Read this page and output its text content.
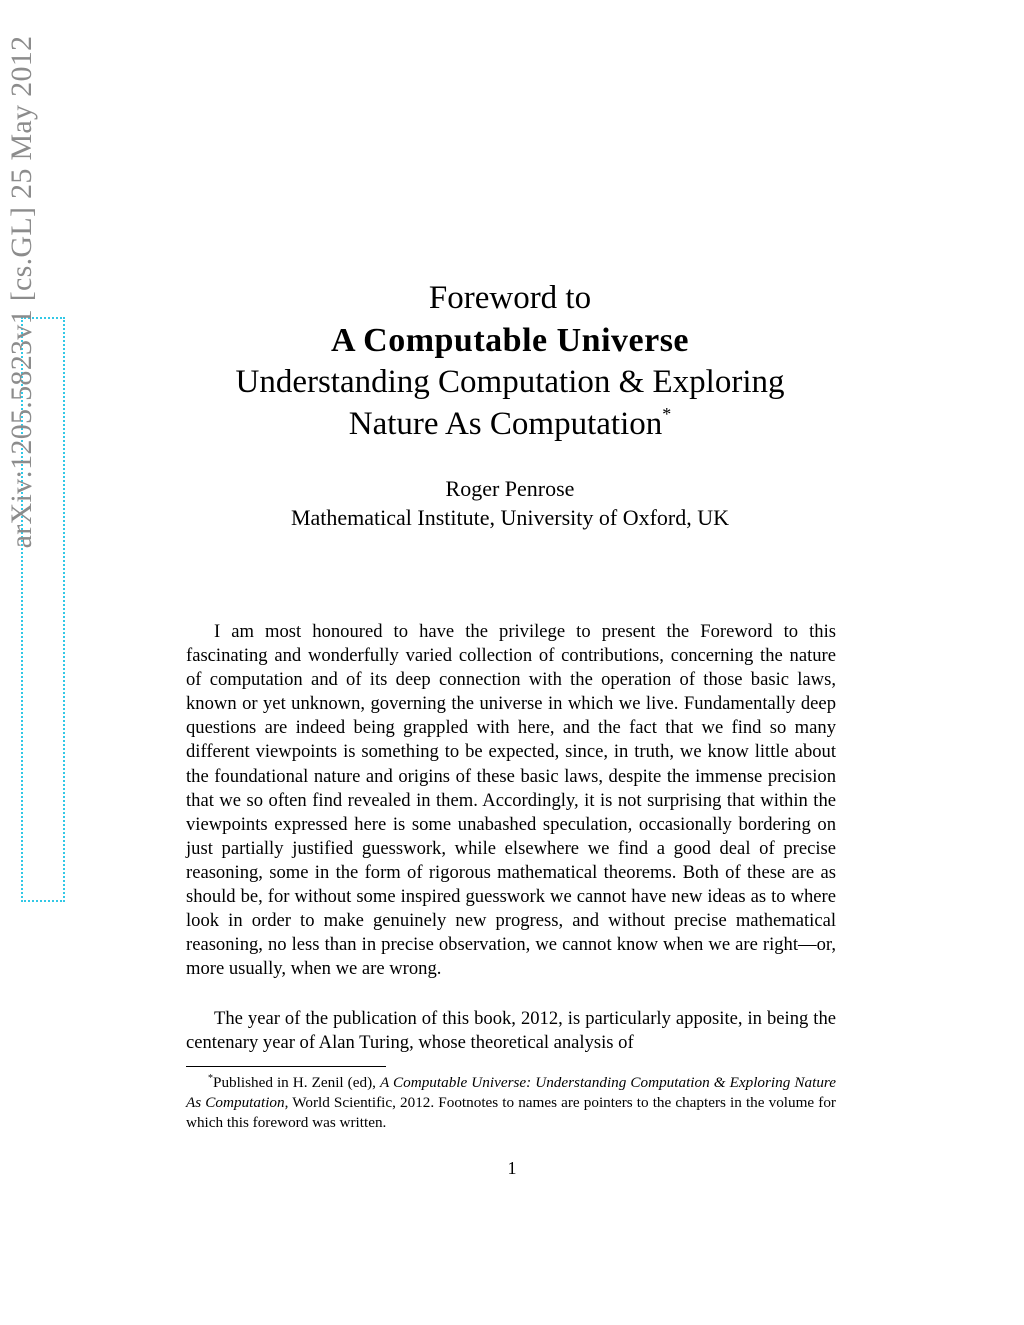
arXiv:1205.5823v1 [cs.GL] 25 May 2012	Foreword to
A Computable Universe
Understanding Computation & Exploring
Nature As Computation*
Roger Penrose
Mathematical Institute, University of Oxford, UK
I am most honoured to have the privilege to present the Foreword to this fascinating and wonderfully varied collection of contributions, concerning the nature of computation and of its deep connection with the operation of those basic laws, known or yet unknown, governing the universe in which we live. Fundamentally deep questions are indeed being grappled with here, and the fact that we find so many different viewpoints is something to be expected, since, in truth, we know little about the foundational nature and origins of these basic laws, despite the immense precision that we so often find revealed in them. Accordingly, it is not surprising that within the viewpoints expressed here is some unabashed speculation, occasionally bordering on just partially justified guesswork, while elsewhere we find a good deal of precise reasoning, some in the form of rigorous mathematical theorems. Both of these are as should be, for without some inspired guesswork we cannot have new ideas as to where look in order to make genuinely new progress, and without precise mathematical reasoning, no less than in precise observation, we cannot know when we are right—or, more usually, when we are wrong.
The year of the publication of this book, 2012, is particularly apposite, in being the centenary year of Alan Turing, whose theoretical analysis of
*Published in H. Zenil (ed), A Computable Universe: Understanding Computation & Exploring Nature As Computation, World Scientific, 2012. Footnotes to names are pointers to the chapters in the volume for which this foreword was written.
1
